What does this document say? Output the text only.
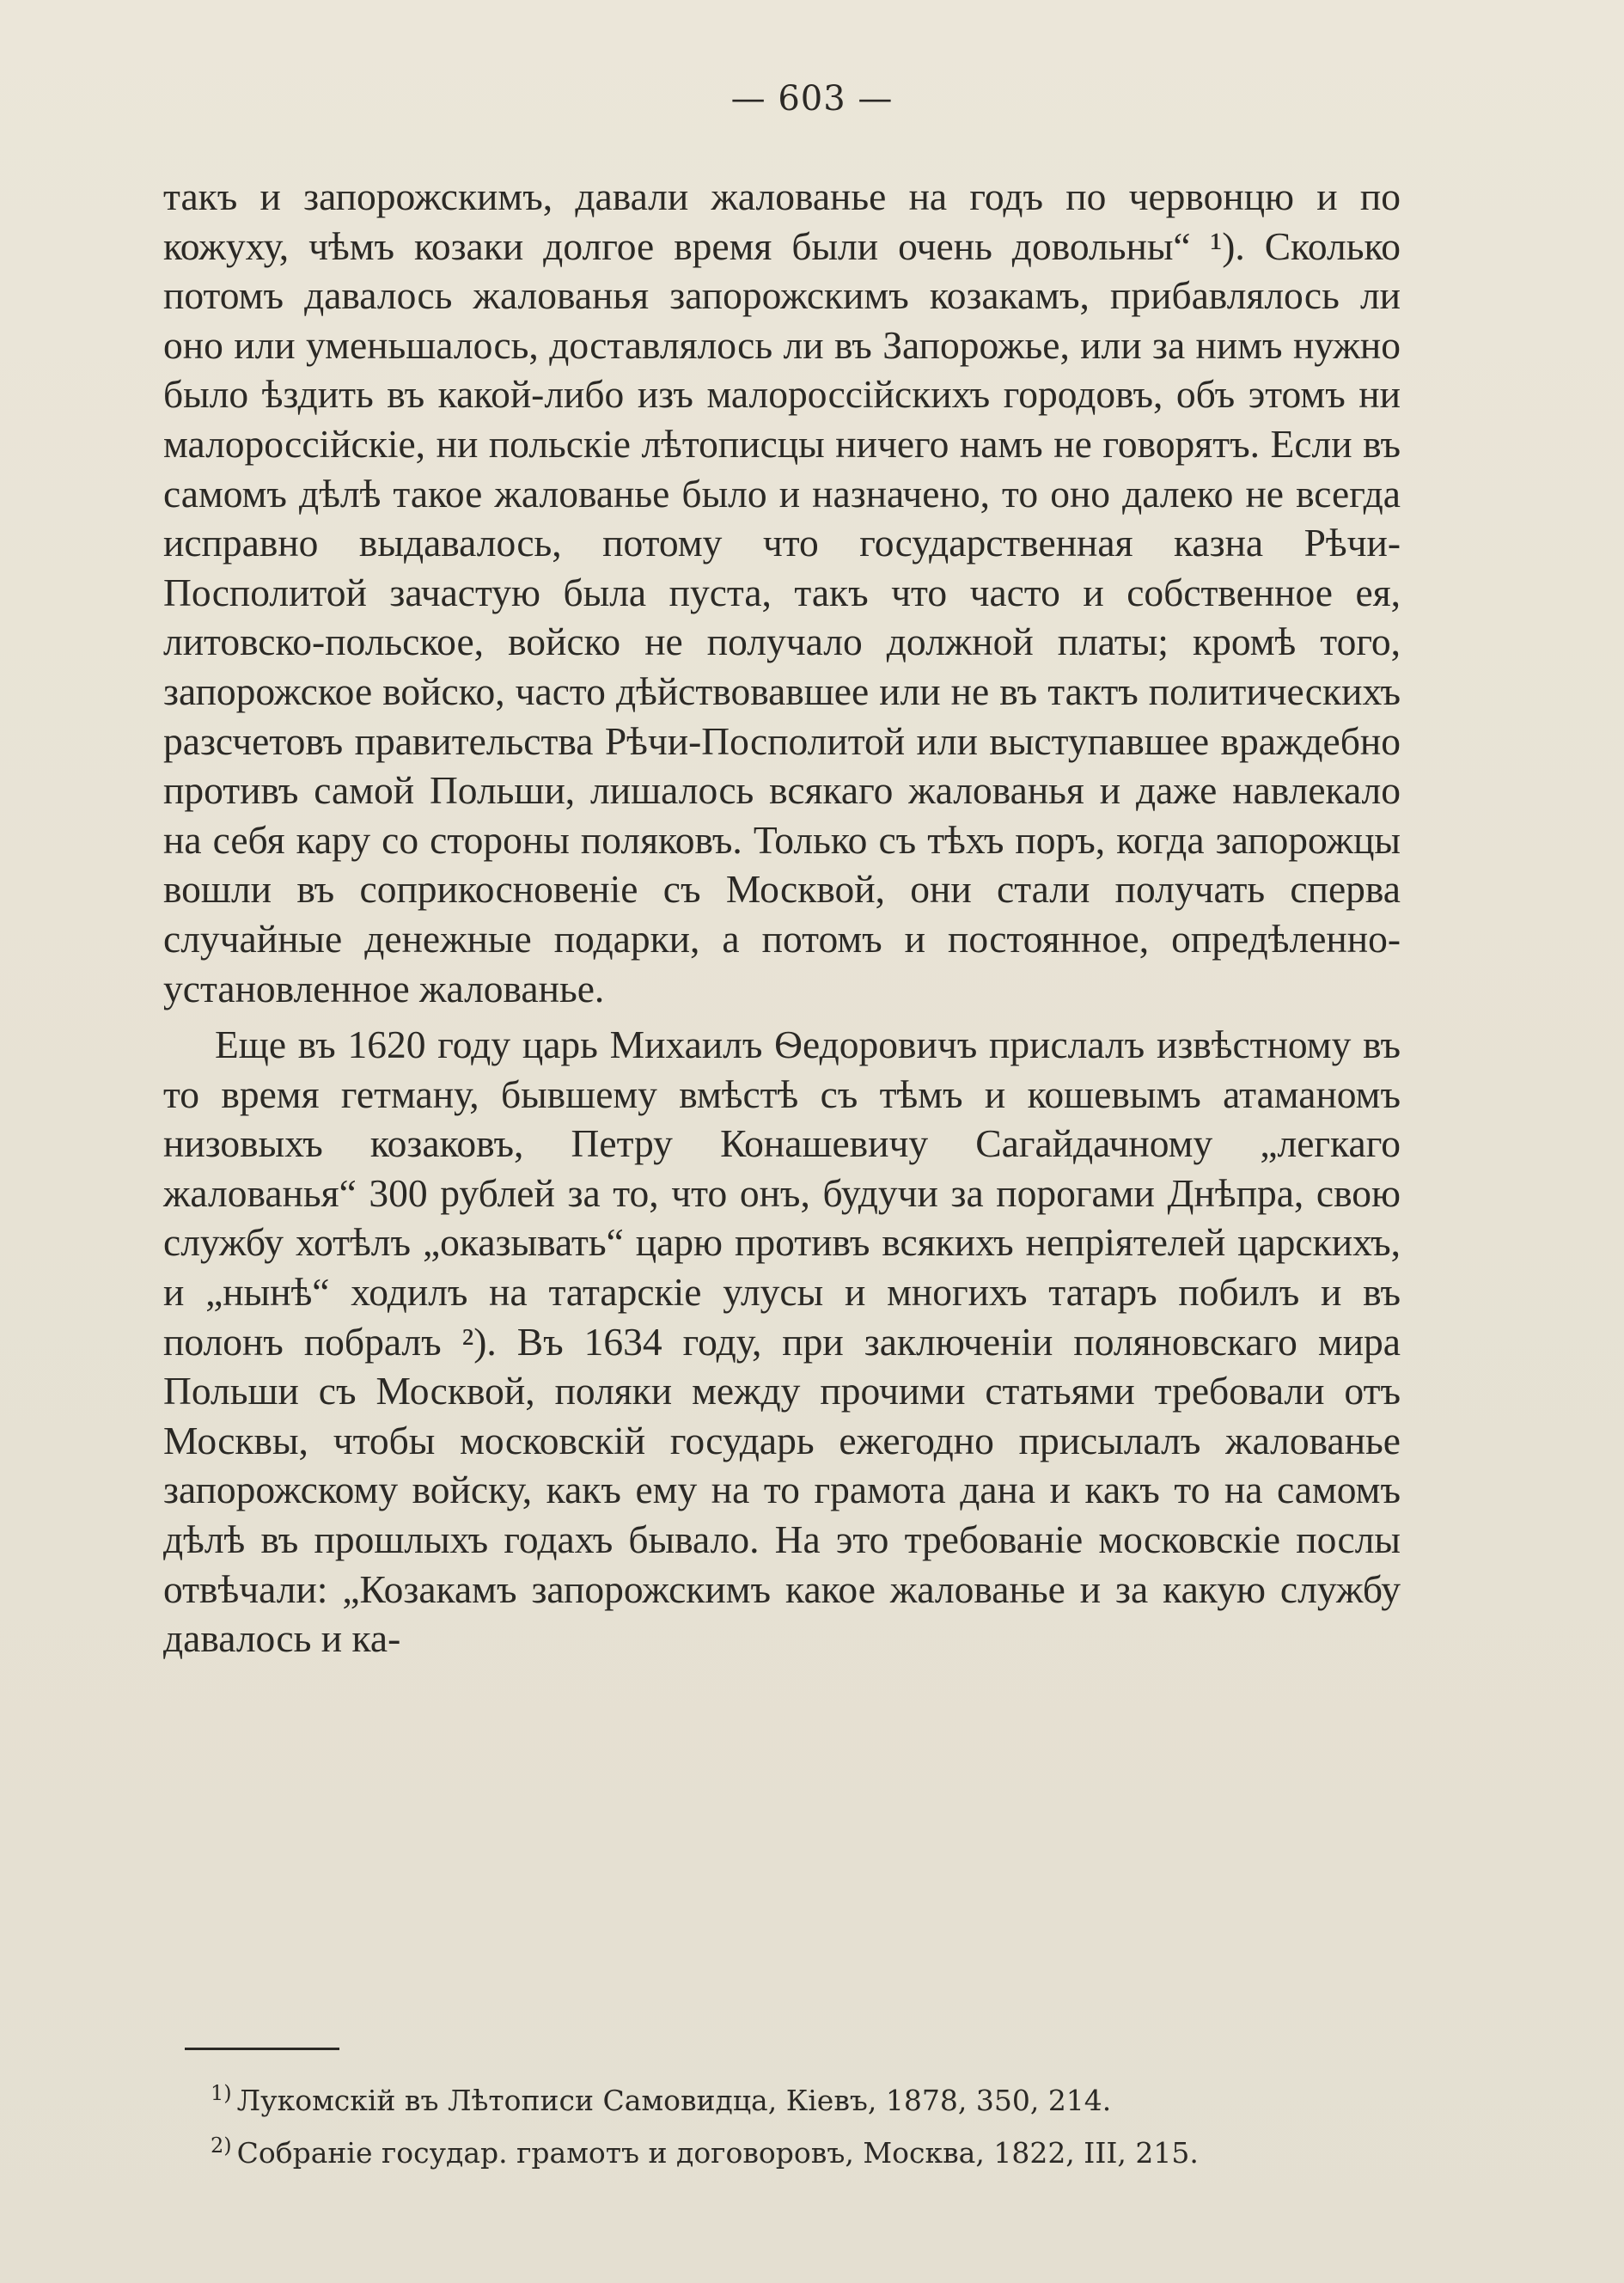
— 603 —

такъ и запорожскимъ, давали жалованье на годъ по червонцю и по кожуху, чѣмъ козаки долгое время были очень довольны“ ¹). Сколько потомъ давалось жалованья запорожскимъ козакамъ, прибавлялось ли оно или уменьшалось, доставлялось ли въ Запорожье, или за нимъ нужно было ѣздить въ какой-либо изъ малороссійскихъ городовъ, объ этомъ ни малороссійскіе, ни польскіе лѣтописцы ничего намъ не говорятъ. Если въ самомъ дѣлѣ такое жалованье было и назначено, то оно далеко не всегда исправно выдавалось, потому что государственная казна Рѣчи-Посполитой зачастую была пуста, такъ что часто и собственное ея, литовско-польское, войско не получало должной платы; кромѣ того, запорожское войско, часто дѣйствовавшее или не въ тактъ политическихъ разсчетовъ правительства Рѣчи-Посполитой или выступавшее враждебно противъ самой Польши, лишалось всякаго жалованья и даже навлекало на себя кару со стороны поляковъ. Только съ тѣхъ поръ, когда запорожцы вошли въ соприкосновеніе съ Москвой, они стали получать сперва случайные денежные подарки, а потомъ и постоянное, опредѣленно-установленное жалованье.

Еще въ 1620 году царь Михаилъ Ѳедоровичъ прислалъ извѣстному въ то время гетману, бывшему вмѣстѣ съ тѣмъ и кошевымъ атаманомъ низовыхъ козаковъ, Петру Конашевичу Сагайдачному „легкаго жалованья“ 300 рублей за то, что онъ, будучи за порогами Днѣпра, свою службу хотѣлъ „оказывать“ царю противъ всякихъ непріятелей царскихъ, и „нынѣ“ ходилъ на татарскіе улусы и многихъ татаръ побилъ и въ полонъ побралъ ²). Въ 1634 году, при заключеніи поляновскаго мира Польши съ Москвой, поляки между прочими статьями требовали отъ Москвы, чтобы московскій государь ежегодно присылалъ жалованье запорожскому войску, какъ ему на то грамота дана и какъ то на самомъ дѣлѣ въ прошлыхъ годахъ бывало. На это требованіе московскіе послы отвѣчали: „Козакамъ запорожскимъ какое жалованье и за какую службу давалось и ка-

$^{1)}$ Лукомскій въ Лѣтописи Самовидца, Кіевъ, 1878, 350, 214.
$^{2)}$ Собраніе государ. грамотъ и договоровъ, Москва, 1822, III, 215.
